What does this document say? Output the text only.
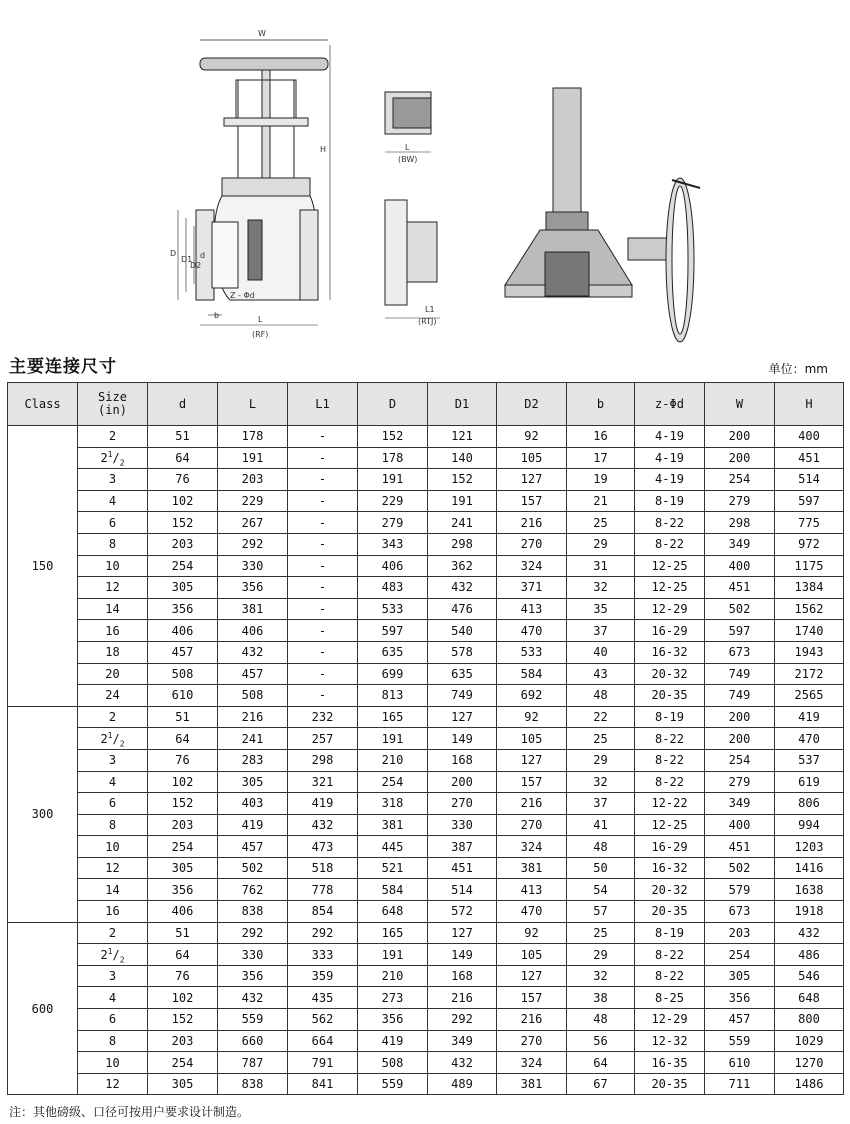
W
H
D
D1
D2
d
b
Z - Φd
L
(RF)
L
(BW)
L1
(RTJ)
主要连接尺寸	单位：mm
Class	Size
(in)	d	L	L1	D	D1	D2	b	z-Φd	W	H
150	2	51	178	-	152	121	92	16	4-19	200	400
	$2^1/_2$	64	191	-	178	140	105	17	4-19	200	451
	3	76	203	-	191	152	127	19	4-19	254	514
	4	102	229	-	229	191	157	21	8-19	279	597
	6	152	267	-	279	241	216	25	8-22	298	775
	8	203	292	-	343	298	270	29	8-22	349	972
	10	254	330	-	406	362	324	31	12-25	400	1175
	12	305	356	-	483	432	371	32	12-25	451	1384
	14	356	381	-	533	476	413	35	12-29	502	1562
	16	406	406	-	597	540	470	37	16-29	597	1740
	18	457	432	-	635	578	533	40	16-32	673	1943
	20	508	457	-	699	635	584	43	20-32	749	2172
	24	610	508	-	813	749	692	48	20-35	749	2565
300	2	51	216	232	165	127	92	22	8-19	200	419
	$2^1/_2$	64	241	257	191	149	105	25	8-22	200	470
	3	76	283	298	210	168	127	29	8-22	254	537
	4	102	305	321	254	200	157	32	8-22	279	619
	6	152	403	419	318	270	216	37	12-22	349	806
	8	203	419	432	381	330	270	41	12-25	400	994
	10	254	457	473	445	387	324	48	16-29	451	1203
	12	305	502	518	521	451	381	50	16-32	502	1416
	14	356	762	778	584	514	413	54	20-32	579	1638
	16	406	838	854	648	572	470	57	20-35	673	1918
600	2	51	292	292	165	127	92	25	8-19	203	432
	$2^1/_2$	64	330	333	191	149	105	29	8-22	254	486
	3	76	356	359	210	168	127	32	8-22	305	546
	4	102	432	435	273	216	157	38	8-25	356	648
	6	152	559	562	356	292	216	48	12-29	457	800
	8	203	660	664	419	349	270	56	12-32	559	1029
	10	254	787	791	508	432	324	64	16-35	610	1270
	12	305	838	841	559	489	381	67	20-35	711	1486
注：其他磅级、口径可按用户要求设计制造。
